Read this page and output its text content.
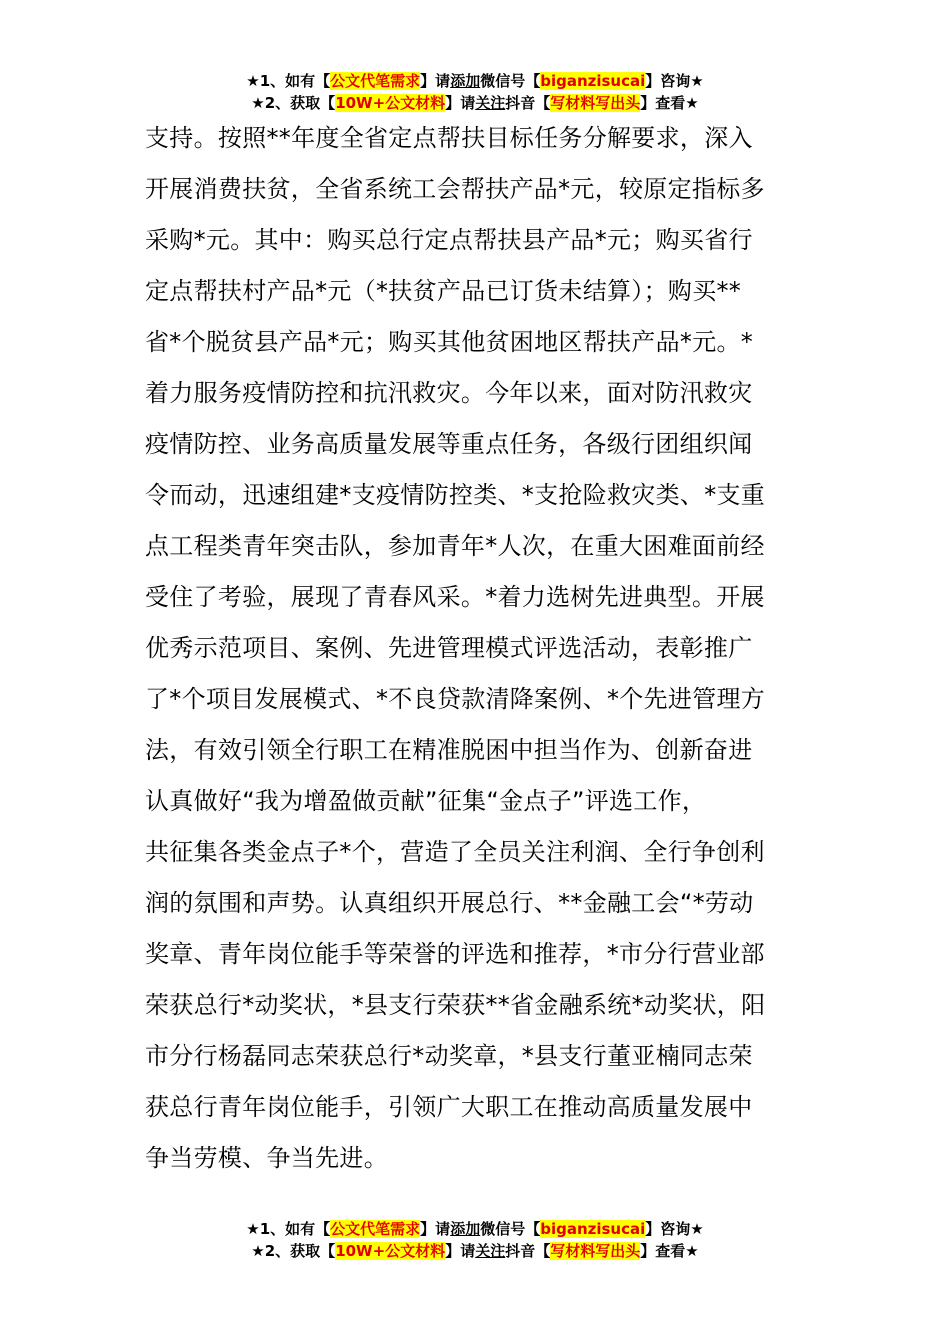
★1、如有【公文代笔需求】请添加微信号【biganzisucai】咨询★
★2、获取【10W+公文材料】请关注抖音【写材料写出头】查看★
支持。按照**年度全省定点帮扶目标任务分解要求，深入
开展消费扶贫，全省系统工会帮扶产品*元，较原定指标多
采购*元。其中：购买总行定点帮扶县产品*元；购买省行
定点帮扶村产品*元（*扶贫产品已订货未结算）；购买**
省*个脱贫县产品*元；购买其他贫困地区帮扶产品*元。*
着力服务疫情防控和抗汛救灾。今年以来，面对防汛救灾
疫情防控、业务高质量发展等重点任务，各级行团组织闻
令而动，迅速组建*支疫情防控类、*支抢险救灾类、*支重
点工程类青年突击队，参加青年*人次，在重大困难面前经
受住了考验，展现了青春风采。*着力选树先进典型。开展
优秀示范项目、案例、先进管理模式评选活动，表彰推广
了*个项目发展模式、*不良贷款清降案例、*个先进管理方
法，有效引领全行职工在精准脱困中担当作为、创新奋进
认真做好“我为增盈做贡献”征集“金点子”评选工作，
共征集各类金点子*个，营造了全员关注利润、全行争创利
润的氛围和声势。认真组织开展总行、**金融工会“*劳动
奖章、青年岗位能手等荣誉的评选和推荐，*市分行营业部
荣获总行*动奖状，*县支行荣获**省金融系统*动奖状，阳
市分行杨磊同志荣获总行*动奖章，*县支行董亚楠同志荣
获总行青年岗位能手，引领广大职工在推动高质量发展中
争当劳模、争当先进。
★1、如有【公文代笔需求】请添加微信号【biganzisucai】咨询★
★2、获取【10W+公文材料】请关注抖音【写材料写出头】查看★
